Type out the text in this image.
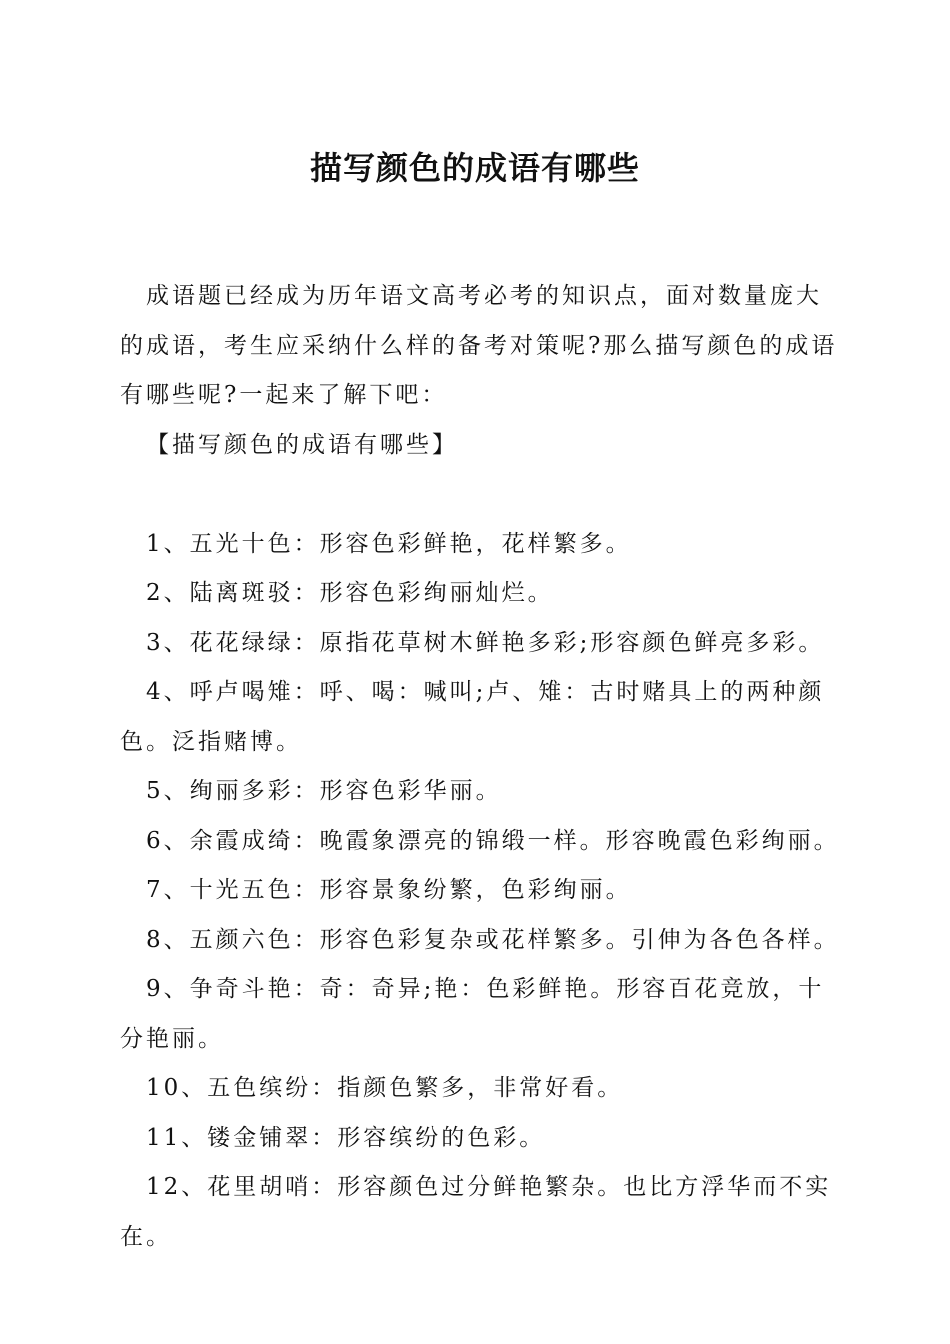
描写颜色的成语有哪些

成语题已经成为历年语文高考必考的知识点，面对数量庞大的成语，考生应采纳什么样的备考对策呢?那么描写颜色的成语有哪些呢?一起来了解下吧：

【描写颜色的成语有哪些】

1、五光十色：形容色彩鲜艳，花样繁多。

2、陆离斑驳：形容色彩绚丽灿烂。

3、花花绿绿：原指花草树木鲜艳多彩;形容颜色鲜亮多彩。

4、呼卢喝雉：呼、喝：喊叫;卢、雉：古时赌具上的两种颜色。泛指赌博。

5、绚丽多彩：形容色彩华丽。

6、余霞成绮：晚霞象漂亮的锦缎一样。形容晚霞色彩绚丽。

7、十光五色：形容景象纷繁，色彩绚丽。

8、五颜六色：形容色彩复杂或花样繁多。引伸为各色各样。

9、争奇斗艳：奇：奇异;艳：色彩鲜艳。形容百花竞放，十分艳丽。

10、五色缤纷：指颜色繁多，非常好看。

11、镂金铺翠：形容缤纷的色彩。

12、花里胡哨：形容颜色过分鲜艳繁杂。也比方浮华而不实在。
